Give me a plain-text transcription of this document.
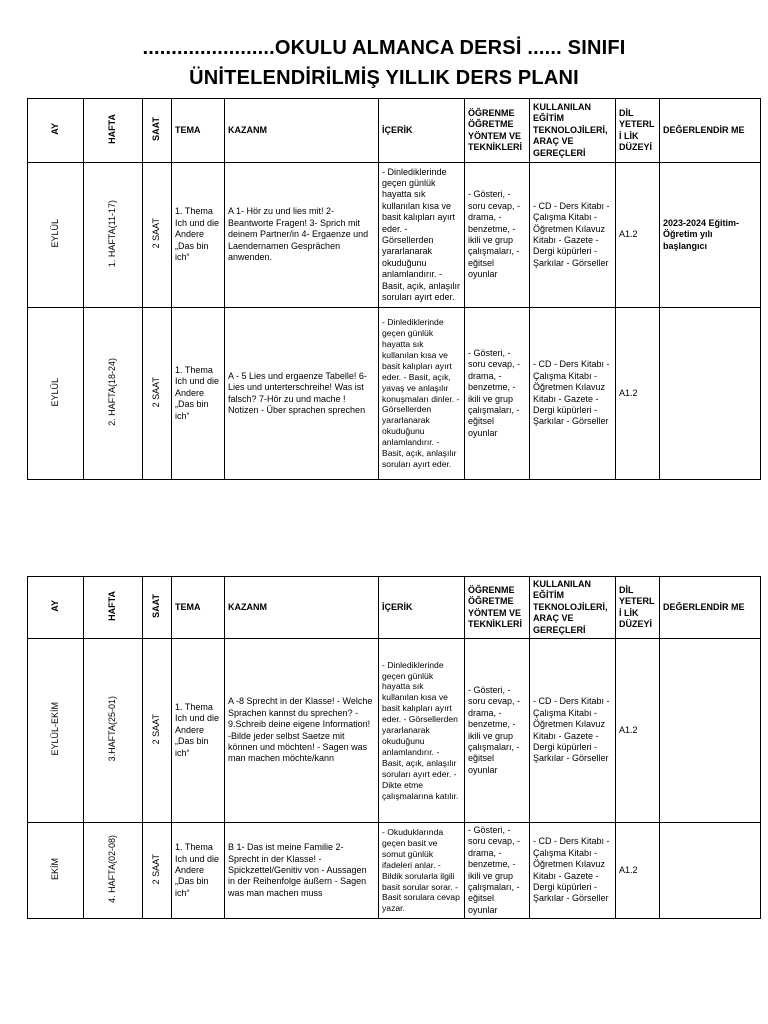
.......................OKULU ALMANCA DERSİ ...... SINIFI
ÜNİTELENDİRİLMİŞ YILLIK DERS PLANI
AY	HAFTA	SAAT	TEMA	KAZANM	İÇERİK	ÖĞRENME ÖĞRETME YÖNTEM VE TEKNİKLERİ	KULLANILAN EĞİTİM TEKNOLOJİLERİ, ARAÇ VE GEREÇLERİ	DİL YETERLİ LİK DÜZEYİ	DEĞERLENDİR ME
EYLÜL	1. HAFTA(11-17)	2 SAAT	1. Thema Ich und die Andere „Das bin ich“	A 1- Hör zu und lies mit! 2- Beantworte Fragen! 3- Sprich mit deinem Partner/in 4- Ergaenze und Laendernamen Gesprächen anwenden.	- Dinlediklerinde geçen günlük hayatta sık kullanılan kısa ve basit kalıpları ayırt eder. - Görsellerden yararlanarak okuduğunu anlamlandırır. - Basit, açık, anlaşılır soruları ayırt eder.	- Gösteri, - soru cevap, - drama, - benzetme, - ikili ve grup çalışmaları, - eğitsel oyunlar	- CD - Ders Kitabı - Çalışma Kitabı - Öğretmen Kılavuz Kitabı - Gazete - Dergi küpürleri - Şarkılar - Görseller	A1.2	2023-2024 Eğitim-Öğretim yılı başlangıcı
EYLÜL	2. HAFTA(18-24)	2 SAAT	1. Thema Ich und die Andere „Das bin ich“	A - 5 Lies und ergaenze Tabelle! 6- Lies und unterterschreihe! Was ist falsch? 7-Hör zu und mache ! Notizen - Über sprachen sprechen	- Dinlediklerinde geçen günlük hayatta sık kullanılan kısa ve basit kalıpları ayırt eder. - Basit, açık, yavaş ve anlaşılır konuşmaları dinler. - Görsellerden yararlanarak okuduğunu anlamlandırır. - Basit, açık, anlaşılır soruları ayırt eder.	- Gösteri, - soru cevap, - drama, - benzetme, - ikili ve grup çalışmaları, - eğitsel oyunlar	- CD - Ders Kitabı - Çalışma Kitabı - Öğretmen Kılavuz Kitabı - Gazete - Dergi küpürleri - Şarkılar - Görseller	A1.2	
AY	HAFTA	SAAT	TEMA	KAZANM	İÇERİK	ÖĞRENME ÖĞRETME YÖNTEM VE TEKNİKLERİ	KULLANILAN EĞİTİM TEKNOLOJİLERİ, ARAÇ VE GEREÇLERİ	DİL YETERLİ LİK DÜZEYİ	DEĞERLENDİR ME
EYLÜL-EKİM	3.HAFTA(25-01)	2 SAAT	1. Thema Ich und die Andere „Das bin ich“	A -8 Sprecht in der Klasse! - Welche Sprachen kannst du sprechen? - 9.Schreib deine eigene Information! -Bilde jeder selbst Saetze mit können und möchten! - Sagen was man machen möchte/kann	- Dinlediklerinde geçen günlük hayatta sık kullanılan kısa ve basit kalıpları ayırt eder. - Görsellerden yararlanarak okuduğunu anlamlandırır. - Basit, açık, anlaşılır soruları ayırt eder. - Dikte etme çalışmalarına katılır.	- Gösteri, - soru cevap, - drama, - benzetme, - ikili ve grup çalışmaları, - eğitsel oyunlar	- CD - Ders Kitabı - Çalışma Kitabı - Öğretmen Kılavuz Kitabı - Gazete - Dergi küpürleri - Şarkılar - Görseller	A1.2	
EKİM	4. HAFTA(02-08)	2 SAAT	1. Thema Ich und die Andere „Das bin ich“	B 1- Das ist meine Familie 2- Sprecht in der Klasse! - Spickzettel/Genitiv von - Aussagen in der Reihenfolge äußern - Sagen was man machen muss	- Okuduklarında geçen basit ve somut günlük ifadeleri anlar. - Bildik sorularla ilgili basit sorular sorar. - Basit sorulara cevap yazar.	- Gösteri, - soru cevap, - drama, - benzetme, - ikili ve grup çalışmaları, - eğitsel oyunlar	- CD - Ders Kitabı - Çalışma Kitabı - Öğretmen Kılavuz Kitabı - Gazete - Dergi küpürleri - Şarkılar - Görseller	A1.2	
